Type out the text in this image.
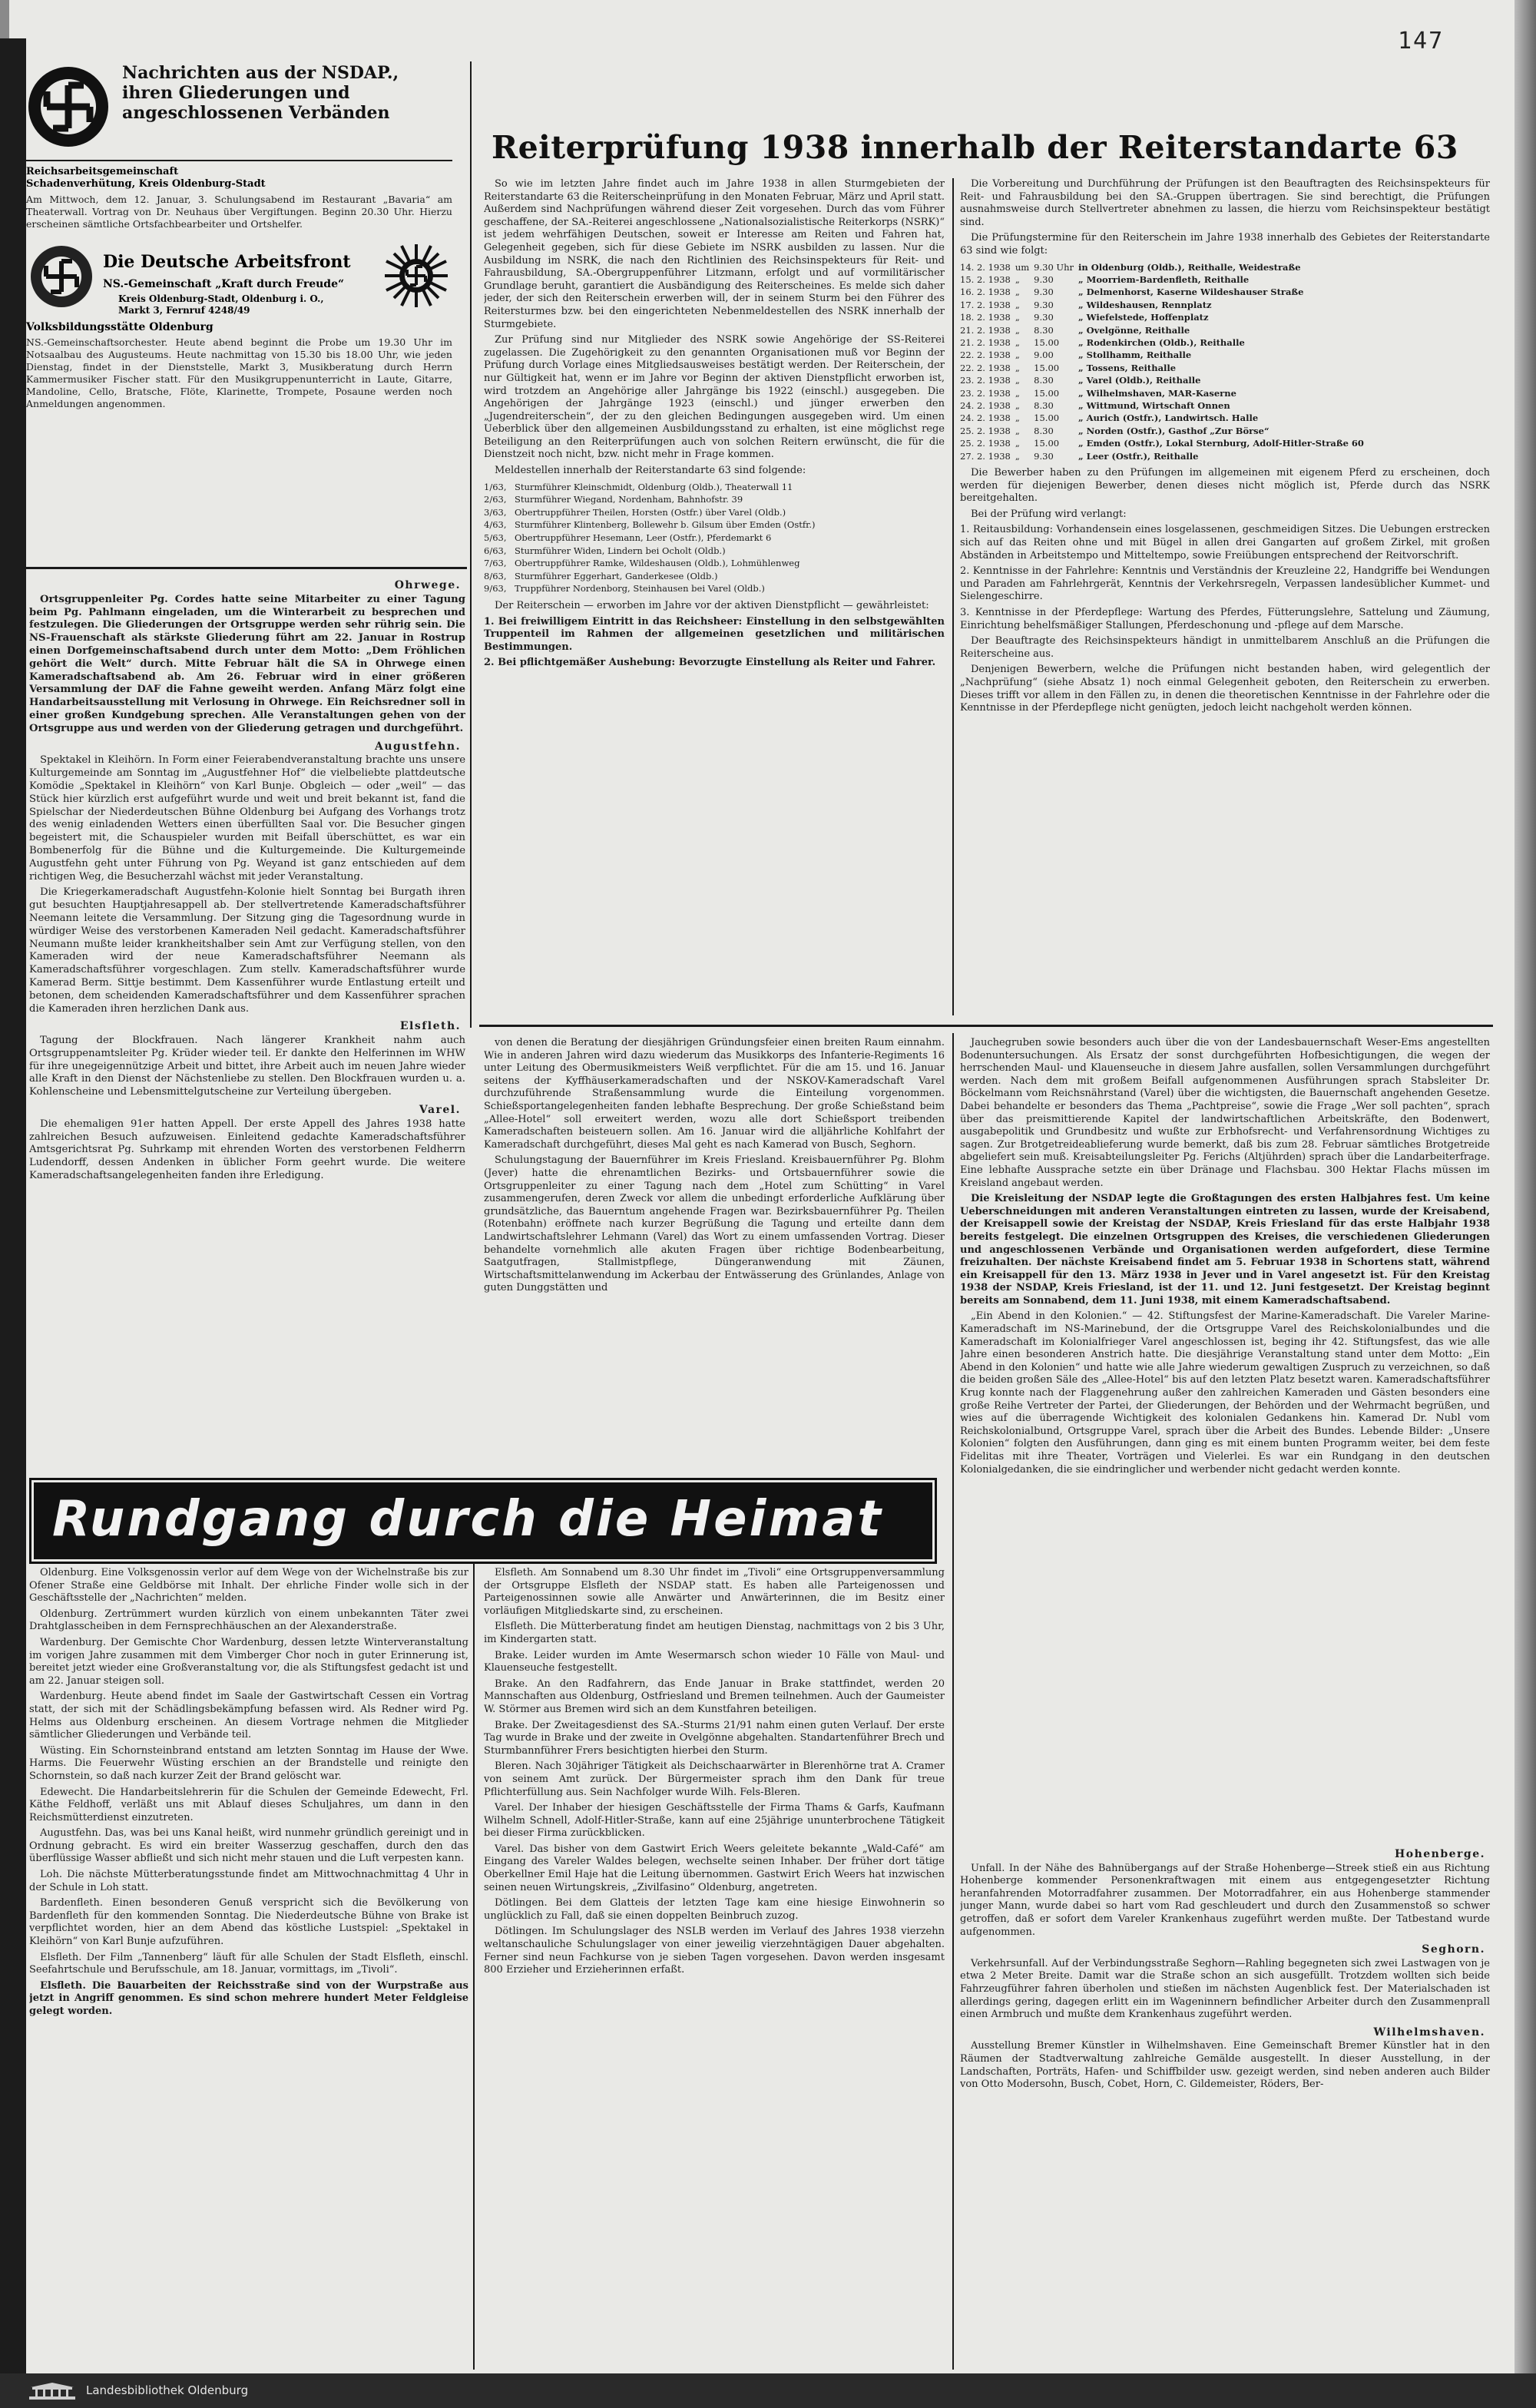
147
Nachrichten aus der NSDAP., ihren Gliederungen und angeschlossenen Verbänden
Reichsarbeitsgemeinschaft Schadenverhütung, Kreis Oldenburg-Stadt
Am Mittwoch, dem 12. Januar, 3. Schulungsabend im Restaurant „Bavaria“ am Theaterwall. Vortrag von Dr. Neuhaus über Vergiftungen. Beginn 20.30 Uhr. Hierzu erscheinen sämtliche Ortsfachbearbeiter und Ortshelfer.
Die Deutsche Arbeitsfront
NS.-Gemeinschaft „Kraft durch Freude“
Kreis Oldenburg-Stadt, Oldenburg i. O., Markt 3, Fernruf 4248/49
Volksbildungsstätte Oldenburg
NS.-Gemeinschaftsorchester. Heute abend beginnt die Probe um 19.30 Uhr im Notsaalbau des Augusteums. Heute nachmittag von 15.30 bis 18.00 Uhr, wie jeden Dienstag, findet in der Dienststelle, Markt 3, Musikberatung durch Herrn Kammermusiker Fischer statt. Für den Musikgruppenunterricht in Laute, Gitarre, Mandoline, Cello, Bratsche, Flöte, Klarinette, Trompete, Posaune werden noch Anmeldungen angenommen.
Ohrwege.

Ortsgruppenleiter Pg. Cordes hatte seine Mitarbeiter zu einer Tagung beim Pg. Pahlmann eingeladen, um die Winterarbeit zu besprechen und festzulegen. Die Gliederungen der Ortsgruppe werden sehr rührig sein. Die NS-Frauenschaft als stärkste Gliederung führt am 22. Januar in Rostrup einen Dorfgemeinschaftsabend durch unter dem Motto: „Dem Fröhlichen gehört die Welt“ durch. Mitte Februar hält die SA in Ohrwege einen Kameradschaftsabend ab. Am 26. Februar wird in einer größeren Versammlung der DAF die Fahne geweiht werden. Anfang März folgt eine Handarbeitsausstellung mit Verlosung in Ohrwege. Ein Reichsredner soll in einer großen Kundgebung sprechen. Alle Veranstaltungen gehen von der Ortsgruppe aus und werden von der Gliederung getragen und durchgeführt.

Augustfehn.

Spektakel in Kleihörn. In Form einer Feierabendveranstaltung brachte uns unsere Kulturgemeinde am Sonntag im „Augustfehner Hof“ die vielbeliebte plattdeutsche Komödie „Spektakel in Kleihörn“ von Karl Bunje. Obgleich — oder „weil“ — das Stück hier kürzlich erst aufgeführt wurde und weit und breit bekannt ist, fand die Spielschar der Niederdeutschen Bühne Oldenburg bei Aufgang des Vorhangs trotz des wenig einladenden Wetters einen überfüllten Saal vor. Die Besucher gingen begeistert mit, die Schauspieler wurden mit Beifall überschüttet, es war ein Bombenerfolg für die Bühne und die Kulturgemeinde. Die Kulturgemeinde Augustfehn geht unter Führung von Pg. Weyand ist ganz entschieden auf dem richtigen Weg, die Besucherzahl wächst mit jeder Veranstaltung.

Die Kriegerkameradschaft Augustfehn-Kolonie hielt Sonntag bei Burgath ihren gut besuchten Hauptjahresappell ab. Der stellvertretende Kameradschaftsführer Neemann leitete die Versammlung. Der Sitzung ging die Tagesordnung wurde in würdiger Weise des verstorbenen Kameraden Neil gedacht. Kameradschaftsführer Neumann mußte leider krankheitshalber sein Amt zur Verfügung stellen, von den Kameraden wird der neue Kameradschaftsführer Neemann als Kameradschaftsführer vorgeschlagen. Zum stellv. Kameradschaftsführer wurde Kamerad Berm. Sittje bestimmt. Dem Kassenführer wurde Entlastung erteilt und betonen, dem scheidenden Kameradschaftsführer und dem Kassenführer sprachen die Kameraden ihren herzlichen Dank aus.

Elsfleth.

Tagung der Blockfrauen. Nach längerer Krankheit nahm auch Ortsgruppenamtsleiter Pg. Krüder wieder teil. Er dankte den Helferinnen im WHW für ihre unegeigennützige Arbeit und bittet, ihre Arbeit auch im neuen Jahre wieder alle Kraft in den Dienst der Nächstenliebe zu stellen. Den Blockfrauen wurden u. a. Kohlenscheine und Lebensmittelgutscheine zur Verteilung übergeben.

Varel.

Die ehemaligen 91er hatten Appell. Der erste Appell des Jahres 1938 hatte zahlreichen Besuch aufzuweisen. Einleitend gedachte Kameradschaftsführer Amtsgerichtsrat Pg. Suhrkamp mit ehrenden Worten des verstorbenen Feldherrn Ludendorff, dessen Andenken in üblicher Form geehrt wurde. Die weitere Kameradschaftsangelegenheiten fanden ihre Erledigung.

Reiterprüfung 1938 innerhalb der Reiterstandarte 63

So wie im letzten Jahre findet auch im Jahre 1938 in allen Sturmgebieten der Reiterstandarte 63 die Reiterscheinprüfung in den Monaten Februar, März und April statt. Außerdem sind Nachprüfungen während dieser Zeit vorgesehen. Durch das vom Führer geschaffene, der SA.-Reiterei angeschlossene „Nationalsozialistische Reiterkorps (NSRK)“ ist jedem wehrfähigen Deutschen, soweit er Interesse am Reiten und Fahren hat, Gelegenheit gegeben, sich für diese Gebiete im NSRK ausbilden zu lassen. Nur die Ausbildung im NSRK, die nach den Richtlinien des Reichsinspekteurs für Reit- und Fahrausbildung, SA.-Obergruppenführer Litzmann, erfolgt und auf vormilitärischer Grundlage beruht, garantiert die Ausbändigung des Reiterscheines. Es melde sich daher jeder, der sich den Reiterschein erwerben will, der in seinem Sturm bei den Führer des Reitersturmes bzw. bei den eingerichteten Nebenmeldestellen des NSRK innerhalb der Sturmgebiete.

Zur Prüfung sind nur Mitglieder des NSRK sowie Angehörige der SS-Reiterei zugelassen. Die Zugehörigkeit zu den genannten Organisationen muß vor Beginn der Prüfung durch Vorlage eines Mitgliedsausweises bestätigt werden. Der Reiterschein, der nur Gültigkeit hat, wenn er im Jahre vor Beginn der aktiven Dienstpflicht erworben ist, wird trotzdem an Angehörige aller Jahrgänge bis 1922 (einschl.) ausgegeben. Die Angehörigen der Jahrgänge 1923 (einschl.) und jünger erwerben den „Jugendreiterschein“, der zu den gleichen Bedingungen ausgegeben wird. Um einen Ueberblick über den allgemeinen Ausbildungsstand zu erhalten, ist eine möglichst rege Beteiligung an den Reiterprüfungen auch von solchen Reitern erwünscht, die für die Dienstzeit noch nicht, bzw. nicht mehr in Frage kommen.

Meldestellen innerhalb der Reiterstandarte 63 sind folgende:

1/63, Sturmführer Kleinschmidt, Oldenburg (Oldb.), Theaterwall 11
2/63, Sturmführer Wiegand, Nordenham, Bahnhofstr. 39
3/63, Obertruppführer Theilen, Horsten (Ostfr.) über Varel (Oldb.)
4/63, Sturmführer Klintenberg, Bollewehr b. Gilsum über Emden (Ostfr.)
5/63, Obertruppführer Hesemann, Leer (Ostfr.), Pferdemarkt 6
6/63, Sturmführer Widen, Lindern bei Ocholt (Oldb.)
7/63, Obertruppführer Ramke, Wildeshausen (Oldb.), Lohmühlenweg
8/63, Sturmführer Eggerhart, Ganderkesee (Oldb.)
9/63, Truppführer Nordenborg, Steinhausen bei Varel (Oldb.)

Der Reiterschein — erworben im Jahre vor der aktiven Dienstpflicht — gewährleistet:

1. Bei freiwilligem Eintritt in das Reichsheer: Einstellung in den selbstgewählten Truppenteil im Rahmen der allgemeinen gesetzlichen und militärischen Bestimmungen.

2. Bei pflichtgemäßer Aushebung: Bevorzugte Einstellung als Reiter und Fahrer.

Die Vorbereitung und Durchführung der Prüfungen ist den Beauftragten des Reichsinspekteurs für Reit- und Fahrausbildung bei den SA.-Gruppen übertragen. Sie sind berechtigt, die Prüfungen ausnahmsweise durch Stellvertreter abnehmen zu lassen, die hierzu vom Reichsinspekteur bestätigt sind.

Die Prüfungstermine für den Reiterschein im Jahre 1938 innerhalb des Gebietes der Reiterstandarte 63 sind wie folgt:

14. 2. 1938	um	9.30 Uhr	in Oldenburg (Oldb.), Reithalle, Weidestraße
15. 2. 1938	„	9.30	„ Moorriem-Bardenfleth, Reithalle
16. 2. 1938	„	9.30	„ Delmenhorst, Kaserne Wildeshauser Straße
17. 2. 1938	„	9.30	„ Wildeshausen, Rennplatz
18. 2. 1938	„	9.30	„ Wiefelstede, Hoffenplatz
21. 2. 1938	„	8.30	„ Ovelgönne, Reithalle
21. 2. 1938	„	15.00	„ Rodenkirchen (Oldb.), Reithalle
22. 2. 1938	„	9.00	„ Stollhamm, Reithalle
22. 2. 1938	„	15.00	„ Tossens, Reithalle
23. 2. 1938	„	8.30	„ Varel (Oldb.), Reithalle
23. 2. 1938	„	15.00	„ Wilhelmshaven, MAR-Kaserne
24. 2. 1938	„	8.30	„ Wittmund, Wirtschaft Onnen
24. 2. 1938	„	15.00	„ Aurich (Ostfr.), Landwirtsch. Halle
25. 2. 1938	„	8.30	„ Norden (Ostfr.), Gasthof „Zur Börse“
25. 2. 1938	„	15.00	„ Emden (Ostfr.), Lokal Sternburg, Adolf-Hitler-Straße 60
27. 2. 1938	„	9.30	„ Leer (Ostfr.), Reithalle

Die Bewerber haben zu den Prüfungen im allgemeinen mit eigenem Pferd zu erscheinen, doch werden für diejenigen Bewerber, denen dieses nicht möglich ist, Pferde durch das NSRK bereitgehalten.

Bei der Prüfung wird verlangt:

1. Reitausbildung: Vorhandensein eines losgelassenen, geschmeidigen Sitzes. Die Uebungen erstrecken sich auf das Reiten ohne und mit Bügel in allen drei Gangarten auf großem Zirkel, mit großen Abständen in Arbeitstempo und Mitteltempo, sowie Freiübungen entsprechend der Reitvorschrift.

2. Kenntnisse in der Fahrlehre: Kenntnis und Verständnis der Kreuzleine 22, Handgriffe bei Wendungen und Paraden am Fahrlehrgerät, Kenntnis der Verkehrsregeln, Verpassen landesüblicher Kummet- und Sielengeschirre.

3. Kenntnisse in der Pferdepflege: Wartung des Pferdes, Fütterungslehre, Sattelung und Zäumung, Einrichtung behelfsmäßiger Stallungen, Pferdeschonung und -pflege auf dem Marsche.

Der Beauftragte des Reichsinspekteurs händigt in unmittelbarem Anschluß an die Prüfungen die Reiterscheine aus.

Denjenigen Bewerbern, welche die Prüfungen nicht bestanden haben, wird gelegentlich der „Nachprüfung“ (siehe Absatz 1) noch einmal Gelegenheit geboten, den Reiterschein zu erwerben. Dieses trifft vor allem in den Fällen zu, in denen die theoretischen Kenntnisse in der Fahrlehre oder die Kenntnisse in der Pferdepflege nicht genügten, jedoch leicht nachgeholt werden können.

von denen die Beratung der diesjährigen Gründungsfeier einen breiten Raum einnahm. Wie in anderen Jahren wird dazu wiederum das Musikkorps des Infanterie-Regiments 16 unter Leitung des Obermusikmeisters Weiß verpflichtet. Für die am 15. und 16. Januar seitens der Kyffhäuserkameradschaften und der NSKOV-Kameradschaft Varel durchzuführende Straßensammlung wurde die Einteilung vorgenommen. Schießsportangelegenheiten fanden lebhafte Besprechung. Der große Schießstand beim „Allee-Hotel“ soll erweitert werden, wozu alle dort Schießsport treibenden Kameradschaften beisteuern sollen. Am 16. Januar wird die alljährliche Kohlfahrt der Kameradschaft durchgeführt, dieses Mal geht es nach Kamerad von Busch, Seghorn.

Schulungstagung der Bauernführer im Kreis Friesland. Kreisbauernführer Pg. Blohm (Jever) hatte die ehrenamtlichen Bezirks- und Ortsbauernführer sowie die Ortsgruppenleiter zu einer Tagung nach dem „Hotel zum Schütting“ in Varel zusammengerufen, deren Zweck vor allem die unbedingt erforderliche Aufklärung über grundsätzliche, das Bauerntum angehende Fragen war. Bezirksbauernführer Pg. Theilen (Rotenbahn) eröffnete nach kurzer Begrüßung die Tagung und erteilte dann dem Landwirtschaftslehrer Lehmann (Varel) das Wort zu einem umfassenden Vortrag. Dieser behandelte vornehmlich alle akuten Fragen über richtige Bodenbearbeitung, Saatgutfragen, Stallmistpflege, Düngeranwendung mit Zäunen, Wirtschaftsmittelanwendung im Ackerbau der Entwässerung des Grünlandes, Anlage von guten Dunggstätten und

Jauchegruben sowie besonders auch über die von der Landesbauernschaft Weser-Ems angestellten Bodenuntersuchungen. Als Ersatz der sonst durchgeführten Hofbesichtigungen, die wegen der herrschenden Maul- und Klauenseuche in diesem Jahre ausfallen, sollen Versammlungen durchgeführt werden. Nach dem mit großem Beifall aufgenommenen Ausführungen sprach Stabsleiter Dr. Böckelmann vom Reichsnährstand (Varel) über die wichtigsten, die Bauernschaft angehenden Gesetze. Dabei behandelte er besonders das Thema „Pachtpreise“, sowie die Frage „Wer soll pachten“, sprach über das preismittierende Kapitel der landwirtschaftlichen Arbeitskräfte, den Bodenwert, ausgabepolitik und Grundbesitz und wußte zur Erbhofsrecht- und Verfahrensordnung Wichtiges zu sagen. Zur Brotgetreideablieferung wurde bemerkt, daß bis zum 28. Februar sämtliches Brotgetreide abgeliefert sein muß. Kreisabteilungsleiter Pg. Ferichs (Altjührden) sprach über die Landarbeiterfrage. Eine lebhafte Aussprache setzte ein über Dränage und Flachsbau. 300 Hektar Flachs müssen im Kreisland angebaut werden.

Die Kreisleitung der NSDAP legte die Großtagungen des ersten Halbjahres fest. Um keine Ueberschneidungen mit anderen Veranstaltungen eintreten zu lassen, wurde der Kreisabend, der Kreisappell sowie der Kreistag der NSDAP, Kreis Friesland für das erste Halbjahr 1938 bereits festgelegt. Die einzelnen Ortsgruppen des Kreises, die verschiedenen Gliederungen und angeschlossenen Verbände und Organisationen werden aufgefordert, diese Termine freizuhalten. Der nächste Kreisabend findet am 5. Februar 1938 in Schortens statt, während ein Kreisappell für den 13. März 1938 in Jever und in Varel angesetzt ist. Für den Kreistag 1938 der NSDAP, Kreis Friesland, ist der 11. und 12. Juni festgesetzt. Der Kreistag beginnt bereits am Sonnabend, dem 11. Juni 1938, mit einem Kameradschaftsabend.

„Ein Abend in den Kolonien.“ — 42. Stiftungsfest der Marine-Kameradschaft. Die Vareler Marine-Kameradschaft im NS-Marinebund, der die Ortsgruppe Varel des Reichskolonialbundes und die Kameradschaft im Kolonialfrieger Varel angeschlossen ist, beging ihr 42. Stiftungsfest, das wie alle Jahre einen besonderen Anstrich hatte. Die diesjährige Veranstaltung stand unter dem Motto: „Ein Abend in den Kolonien“ und hatte wie alle Jahre wiederum gewaltigen Zuspruch zu verzeichnen, so daß die beiden großen Säle des „Allee-Hotel“ bis auf den letzten Platz besetzt waren. Kameradschaftsführer Krug konnte nach der Flaggenehrung außer den zahlreichen Kameraden und Gästen besonders eine große Reihe Vertreter der Partei, der Gliederungen, der Behörden und der Wehrmacht begrüßen, und wies auf die überragende Wichtigkeit des kolonialen Gedankens hin. Kamerad Dr. Nubl vom Reichskolonialbund, Ortsgruppe Varel, sprach über die Arbeit des Bundes. Lebende Bilder: „Unsere Kolonien“ folgten den Ausführungen, dann ging es mit einem bunten Programm weiter, bei dem feste Fidelitas mit ihre Theater, Vorträgen und Vielerlei. Es war ein Rundgang in den deutschen Kolonialgedanken, die sie eindringlicher und werbender nicht gedacht werden konnte.

Rundgang durch die Heimat

Oldenburg. Eine Volksgenossin verlor auf dem Wege von der Wichelnstraße bis zur Ofener Straße eine Geldbörse mit Inhalt. Der ehrliche Finder wolle sich in der Geschäftsstelle der „Nachrichten“ melden.

Oldenburg. Zertrümmert wurden kürzlich von einem unbekannten Täter zwei Drahtglasscheiben in dem Fernsprechhäuschen an der Alexanderstraße.

Wardenburg. Der Gemischte Chor Wardenburg, dessen letzte Winterveranstaltung im vorigen Jahre zusammen mit dem Vimberger Chor noch in guter Erinnerung ist, bereitet jetzt wieder eine Großveranstaltung vor, die als Stiftungsfest gedacht ist und am 22. Januar steigen soll.

Wardenburg. Heute abend findet im Saale der Gastwirtschaft Cessen ein Vortrag statt, der sich mit der Schädlingsbekämpfung befassen wird. Als Redner wird Pg. Helms aus Oldenburg erscheinen. An diesem Vortrage nehmen die Mitglieder sämtlicher Gliederungen und Verbände teil.

Wüsting. Ein Schornsteinbrand entstand am letzten Sonntag im Hause der Wwe. Harms. Die Feuerwehr Wüsting erschien an der Brandstelle und reinigte den Schornstein, so daß nach kurzer Zeit der Brand gelöscht war.

Edewecht. Die Handarbeitslehrerin für die Schulen der Gemeinde Edewecht, Frl. Käthe Feldhoff, verläßt uns mit Ablauf dieses Schuljahres, um dann in den Reichsmütterdienst einzutreten.

Augustfehn. Das, was bei uns Kanal heißt, wird nunmehr gründlich gereinigt und in Ordnung gebracht. Es wird ein breiter Wasserzug geschaffen, durch den das überflüssige Wasser abfließt und sich nicht mehr stauen und die Luft verpesten kann.

Loh. Die nächste Mütterberatungsstunde findet am Mittwochnachmittag 4 Uhr in der Schule in Loh statt.

Bardenfleth. Einen besonderen Genuß verspricht sich die Bevölkerung von Bardenfleth für den kommenden Sonntag. Die Niederdeutsche Bühne von Brake ist verpflichtet worden, hier an dem Abend das köstliche Lustspiel: „Spektakel in Kleihörn“ von Karl Bunje aufzuführen.

Elsfleth. Der Film „Tannenberg“ läuft für alle Schulen der Stadt Elsfleth, einschl. Seefahrtschule und Berufsschule, am 18. Januar, vormittags, im „Tivoli“.

Elsfleth. Die Bauarbeiten der Reichsstraße sind von der Wurpstraße aus jetzt in Angriff genommen. Es sind schon mehrere hundert Meter Feldgleise gelegt worden.

Elsfleth. Am Sonnabend um 8.30 Uhr findet im „Tivoli“ eine Ortsgruppenversammlung der Ortsgruppe Elsfleth der NSDAP statt. Es haben alle Parteigenossen und Parteigenossinnen sowie alle Anwärter und Anwärterinnen, die im Besitz einer vorläufigen Mitgliedskarte sind, zu erscheinen.

Elsfleth. Die Mütterberatung findet am heutigen Dienstag, nachmittags von 2 bis 3 Uhr, im Kindergarten statt.

Brake. Leider wurden im Amte Wesermarsch schon wieder 10 Fälle von Maul- und Klauenseuche festgestellt.

Brake. An den Radfahrern, das Ende Januar in Brake stattfindet, werden 20 Mannschaften aus Oldenburg, Ostfriesland und Bremen teilnehmen. Auch der Gaumeister W. Störmer aus Bremen wird sich an dem Kunstfahren beteiligen.

Brake. Der Zweitagesdienst des SA.-Sturms 21/91 nahm einen guten Verlauf. Der erste Tag wurde in Brake und der zweite in Ovelgönne abgehalten. Standartenführer Brech und Sturmbannführer Frers besichtigten hierbei den Sturm.

Bleren. Nach 30jähriger Tätigkeit als Deichschaarwärter in Blerenhörne trat A. Cramer von seinem Amt zurück. Der Bürgermeister sprach ihm den Dank für treue Pflichterfüllung aus. Sein Nachfolger wurde Wilh. Fels-Bleren.

Varel. Der Inhaber der hiesigen Geschäftsstelle der Firma Thams & Garfs, Kaufmann Wilhelm Schnell, Adolf-Hitler-Straße, kann auf eine 25jährige ununterbrochene Tätigkeit bei dieser Firma zurückblicken.

Varel. Das bisher von dem Gastwirt Erich Weers geleitete bekannte „Wald-Café“ am Eingang des Vareler Waldes belegen, wechselte seinen Inhaber. Der früher dort tätige Oberkellner Emil Haje hat die Leitung übernommen. Gastwirt Erich Weers hat inzwischen seinen neuen Wirtungskreis, „Zivilfasino“ Oldenburg, angetreten.

Dötlingen. Bei dem Glatteis der letzten Tage kam eine hiesige Einwohnerin so unglücklich zu Fall, daß sie einen doppelten Beinbruch zuzog.

Dötlingen. Im Schulungslager des NSLB werden im Verlauf des Jahres 1938 vierzehn weltanschauliche Schulungslager von einer jeweilig vierzehntägigen Dauer abgehalten. Ferner sind neun Fachkurse von je sieben Tagen vorgesehen. Davon werden insgesamt 800 Erzieher und Erzieherinnen erfaßt.

Hohenberge.

Unfall. In der Nähe des Bahnübergangs auf der Straße Hohenberge—Streek stieß ein aus Richtung Hohenberge kommender Personenkraftwagen mit einem aus entgegengesetzter Richtung heranfahrenden Motorradfahrer zusammen. Der Motorradfahrer, ein aus Hohenberge stammender junger Mann, wurde dabei so hart vom Rad geschleudert und durch den Zusammenstoß so schwer getroffen, daß er sofort dem Vareler Krankenhaus zugeführt werden mußte. Der Tatbestand wurde aufgenommen.

Seghorn.

Verkehrsunfall. Auf der Verbindungsstraße Seghorn—Rahling begegneten sich zwei Lastwagen von je etwa 2 Meter Breite. Damit war die Straße schon an sich ausgefüllt. Trotzdem wollten sich beide Fahrzeugführer fahren überholen und stießen im nächsten Augenblick fest. Der Materialschaden ist allerdings gering, dagegen erlitt ein im Wageninnern befindlicher Arbeiter durch den Zusammenprall einen Armbruch und mußte dem Krankenhaus zugeführt werden.

Wilhelmshaven.

Ausstellung Bremer Künstler in Wilhelmshaven. Eine Gemeinschaft Bremer Künstler hat in den Räumen der Stadtverwaltung zahlreiche Gemälde ausgestellt. In dieser Ausstellung, in der Landschaften, Porträts, Hafen- und Schiffbilder usw. gezeigt werden, sind neben anderen auch Bilder von Otto Modersohn, Busch, Cobet, Horn, C. Gildemeister, Röders, Ber-

Landesbibliothek Oldenburg
